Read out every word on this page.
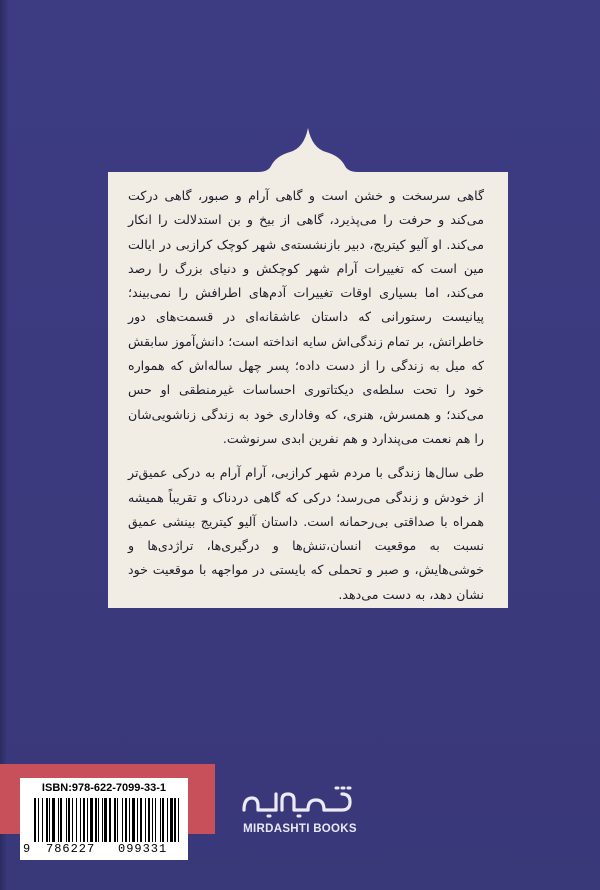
گاهی سرسخت و خشن است و گاهی آرام و صبور، گاهی درکت می‌کند و حرفت را می‌پذیرد، گاهی از بیخ و بن استدلالت را انکار می‌کند. او آلیو کیتریج، دبیر بازنشسته‌ی شهر کوچک کرازبی در ایالت مین است که تغییرات آرام شهر کوچکش و دنیای بزرگ را رصد می‌کند، اما بسیاری اوقات تغییرات آدم‌های اطرافش را نمی‌بیند؛ پیانیست رستورانی که داستان عاشقانه‌ای در قسمت‌های دور خاطراتش، بر تمام زندگی‌اش سایه انداخته است؛ دانش‌آموز سابقش که میل به زندگی را از دست داده؛ پسر چهل ساله‌اش که همواره خود را تحت سلطه‌ی دیکتاتوری احساسات غیرمنطقی او حس می‌کند؛ و همسرش، هنری، که وفاداری خود به زندگی زناشویی‌شان را هم نعمت می‌پندارد و هم نفرین ابدی سرنوشت.

طی سال‌ها زندگی با مردم شهر کرازبی، آرام آرام به درکی عمیق‌تر از خودش و زندگی می‌رسد؛ درکی که گاهی دردناک و تقریباً همیشه همراه با صداقتی بی‌رحمانه است. داستان آلیو کیتریج بینشی عمیق نسبت به موقعیت انسان،تنش‌ها و درگیری‌ها، تراژدی‌ها و خوشی‌هایش، و صبر و تحملی که بایستی در مواجهه با موقعیت خود نشان دهد، به دست می‌دهد.

ISBN:978-622-7099-33-1
9 786227 099331
MIRDASHTI BOOKS
